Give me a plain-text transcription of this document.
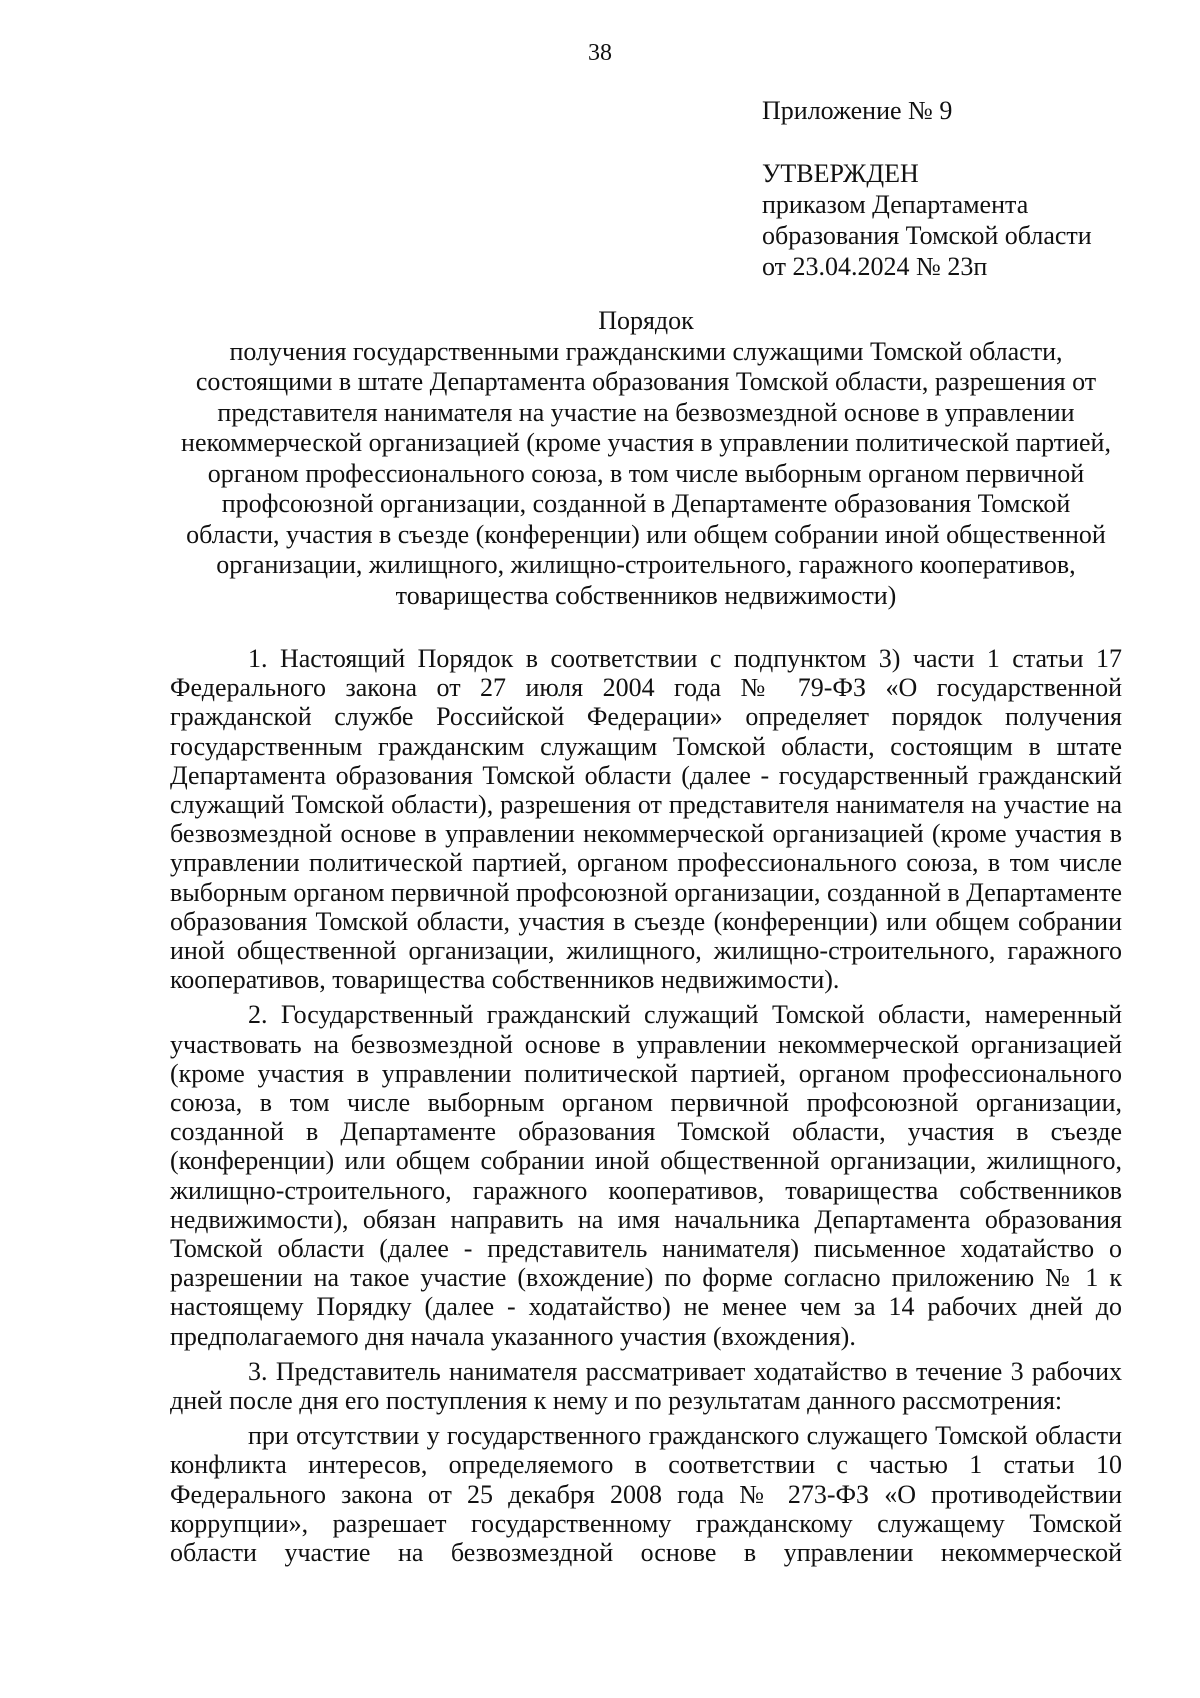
38
Приложение № 9
УТВЕРЖДЕН
приказом Департамента
образования Томской области
от 23.04.2024 № 23п
Порядок
получения государственными гражданскими служащими Томской области,
состоящими в штате Департамента образования Томской области, разрешения от
представителя нанимателя на участие на безвозмездной основе в управлении
некоммерческой организацией (кроме участия в управлении политической партией,
органом профессионального союза, в том числе выборным органом первичной
профсоюзной организации, созданной в Департаменте образования Томской
области, участия в съезде (конференции) или общем собрании иной общественной
организации, жилищного, жилищно-строительного, гаражного кооперативов,
товарищества собственников недвижимости)

1. Настоящий Порядок в соответствии с подпунктом 3) части 1 статьи 17 Федерального закона от 27 июля 2004 года № 79-ФЗ «О государственной гражданской службе Российской Федерации» определяет порядок получения государственным гражданским служащим Томской области, состоящим в штате Департамента образования Томской области (далее - государственный гражданский служащий Томской области), разрешения от представителя нанимателя на участие на безвозмездной основе в управлении некоммерческой организацией (кроме участия в управлении политической партией, органом профессионального союза, в том числе выборным органом первичной профсоюзной организации, созданной в Департаменте образования Томской области, участия в съезде (конференции) или общем собрании иной общественной организации, жилищного, жилищно-строительного, гаражного кооперативов, товарищества собственников недвижимости).

2. Государственный гражданский служащий Томской области, намеренный участвовать на безвозмездной основе в управлении некоммерческой организацией (кроме участия в управлении политической партией, органом профессионального союза, в том числе выборным органом первичной профсоюзной организации, созданной в Департаменте образования Томской области, участия в съезде (конференции) или общем собрании иной общественной организации, жилищного, жилищно-строительного, гаражного кооперативов, товарищества собственников недвижимости), обязан направить на имя начальника Департамента образования Томской области (далее - представитель нанимателя) письменное ходатайство о разрешении на такое участие (вхождение) по форме согласно приложению № 1 к настоящему Порядку (далее - ходатайство) не менее чем за 14 рабочих дней до предполагаемого дня начала указанного участия (вхождения).

3. Представитель нанимателя рассматривает ходатайство в течение 3 рабочих дней после дня его поступления к нему и по результатам данного рассмотрения:

при отсутствии у государственного гражданского служащего Томской области конфликта интересов, определяемого в соответствии с частью 1 статьи 10 Федерального закона от 25 декабря 2008 года № 273-ФЗ «О противодействии коррупции», разрешает государственному гражданскому служащему Томской области участие на безвозмездной основе в управлении некоммерческой
